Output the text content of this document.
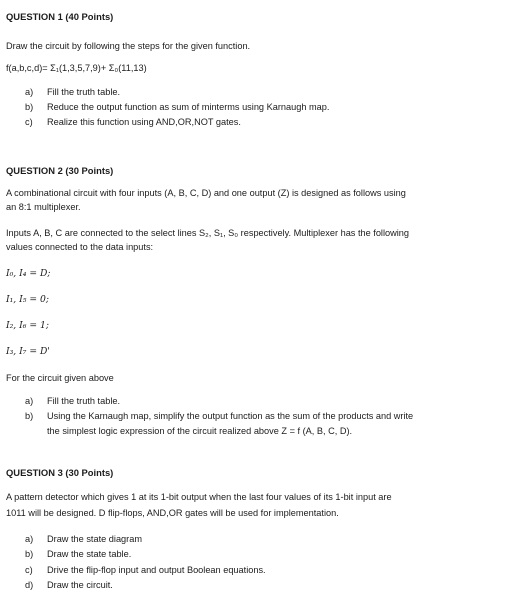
QUESTION 1 (40 Points)
Draw the circuit by following the steps for the given function.
f(a,b,c,d)= Σ₁(1,3,5,7,9)+ Σ₀(11,13)
a) Fill the truth table.
b) Reduce the output function as sum of minterms using Karnaugh map.
c) Realize this function using AND,OR,NOT gates.
QUESTION 2 (30 Points)
A combinational circuit with four inputs (A, B, C, D) and one output (Z) is designed as follows using
an 8:1 multiplexer.
Inputs A, B, C are connected to the select lines S₂, S₁, S₀ respectively. Multiplexer has the following
values connected to the data inputs:
I₀, I₄ = D;
I₁, I₅ = 0;
I₂, I₆ = 1;
I₃, I₇ = D'
For the circuit given above
a) Fill the truth table.
b) Using the Karnaugh map, simplify the output function as the sum of the products and write
the simplest logic expression of the circuit realized above Z = f (A, B, C, D).
QUESTION 3 (30 Points)
A pattern detector which gives 1 at its 1-bit output when the last four values of its 1-bit input are
1011 will be designed. D flip-flops, AND,OR gates will be used for implementation.
a) Draw the state diagram
b) Draw the state table.
c) Drive the flip-flop input and output Boolean equations.
d) Draw the circuit.
